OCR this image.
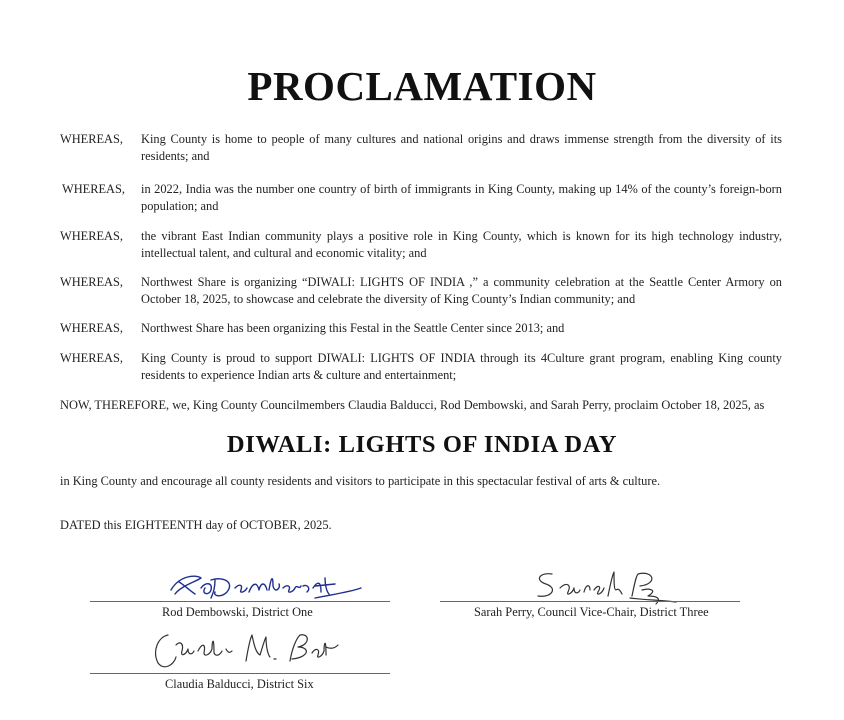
PROCLAMATION
WHEREAS,	King County is home to people of many cultures and national origins and draws immense strength from the diversity of its residents; and
WHEREAS,	in 2022, India was the number one country of birth of immigrants in King County, making up 14% of the county’s foreign-born population; and
WHEREAS,	the vibrant East Indian community plays a positive role in King County, which is known for its high technology industry, intellectual talent, and cultural and economic vitality; and
WHEREAS,	Northwest Share is organizing “DIWALI: LIGHTS OF INDIA ,” a community celebration at the Seattle Center Armory on October 18, 2025, to showcase and celebrate the diversity of King County’s Indian community; and
WHEREAS,	Northwest Share has been organizing this Festal in the Seattle Center since 2013; and
WHEREAS,	King County is proud to support DIWALI: LIGHTS OF INDIA through its 4Culture grant program, enabling King county residents to experience Indian arts & culture and entertainment;
NOW, THEREFORE, we, King County Councilmembers Claudia Balducci, Rod Dembowski, and Sarah Perry, proclaim October 18, 2025, as
DIWALI: LIGHTS OF INDIA DAY
in King County and encourage all county residents and visitors to participate in this spectacular festival of arts & culture.
DATED this EIGHTEENTH day of OCTOBER, 2025.
Rod Dembowski, District One	Sarah Perry, Council Vice-Chair, District Three
Claudia Balducci, District Six
